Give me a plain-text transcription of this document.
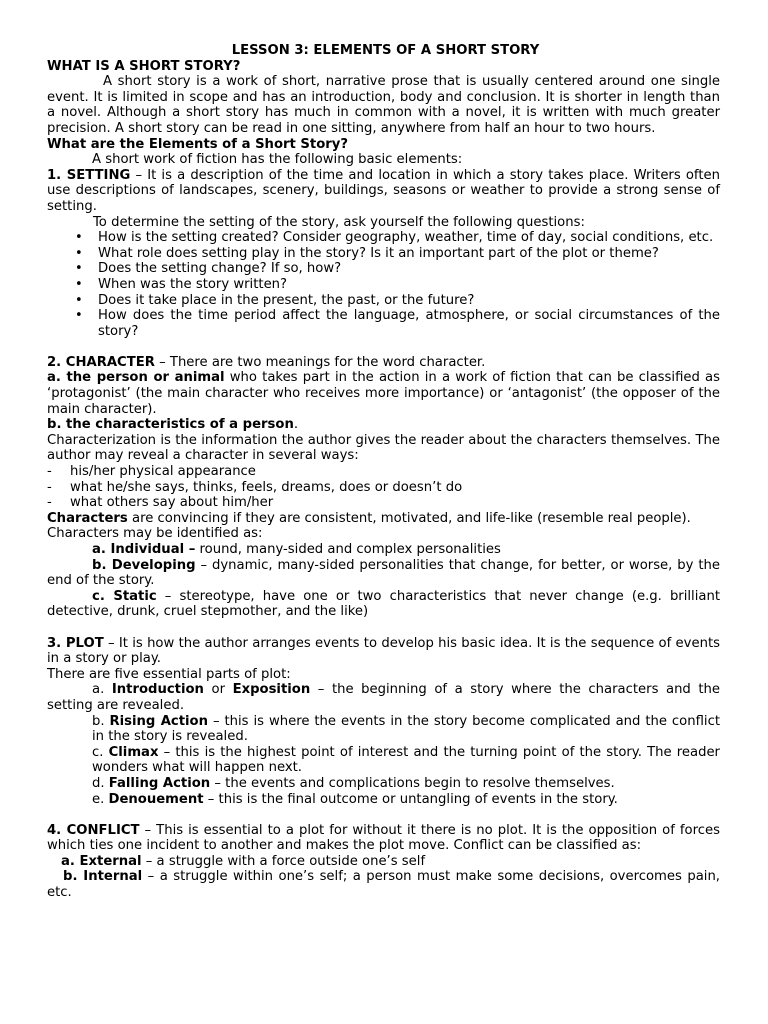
LESSON 3: ELEMENTS OF A SHORT STORY

WHAT IS A SHORT STORY?

A short story is a work of short, narrative prose that is usually centered around one single event. It is limited in scope and has an introduction, body and conclusion. It is shorter in length than a novel. Although a short story has much in common with a novel, it is written with much greater precision. A short story can be read in one sitting, anywhere from half an hour to two hours.

What are the Elements of a Short Story?

A short work of fiction has the following basic elements:

1. SETTING – It is a description of the time and location in which a story takes place. Writers often use descriptions of landscapes, scenery, buildings, seasons or weather to provide a strong sense of setting.

To determine the setting of the story, ask yourself the following questions:

• How is the setting created? Consider geography, weather, time of day, social conditions, etc.
• What role does setting play in the story? Is it an important part of the plot or theme?
• Does the setting change? If so, how?
• When was the story written?
• Does it take place in the present, the past, or the future?
• How does the time period affect the language, atmosphere, or social circumstances of the story?

2. CHARACTER – There are two meanings for the word character.

a. the person or animal who takes part in the action in a work of fiction that can be classified as ‘protagonist’ (the main character who receives more importance) or ‘antagonist’ (the opposer of the main character).

b. the characteristics of a person.

Characterization is the information the author gives the reader about the characters themselves. The author may reveal a character in several ways:

- his/her physical appearance
- what he/she says, thinks, feels, dreams, does or doesn’t do
- what others say about him/her

Characters are convincing if they are consistent, motivated, and life-like (resemble real people).

Characters may be identified as:

a. Individual – round, many-sided and complex personalities

b. Developing – dynamic, many-sided personalities that change, for better, or worse, by the end of the story.

c. Static – stereotype, have one or two characteristics that never change (e.g. brilliant detective, drunk, cruel stepmother, and the like)

3. PLOT – It is how the author arranges events to develop his basic idea. It is the sequence of events in a story or play.

There are five essential parts of plot:

a. Introduction or Exposition – the beginning of a story where the characters and the setting are revealed.

b. Rising Action – this is where the events in the story become complicated and the conflict in the story is revealed.

c. Climax – this is the highest point of interest and the turning point of the story. The reader wonders what will happen next.

d. Falling Action – the events and complications begin to resolve themselves.

e. Denouement – this is the final outcome or untangling of events in the story.

4. CONFLICT – This is essential to a plot for without it there is no plot. It is the opposition of forces which ties one incident to another and makes the plot move. Conflict can be classified as:

a. External – a struggle with a force outside one’s self

b. Internal – a struggle within one’s self; a person must make some decisions, overcomes pain, etc.
